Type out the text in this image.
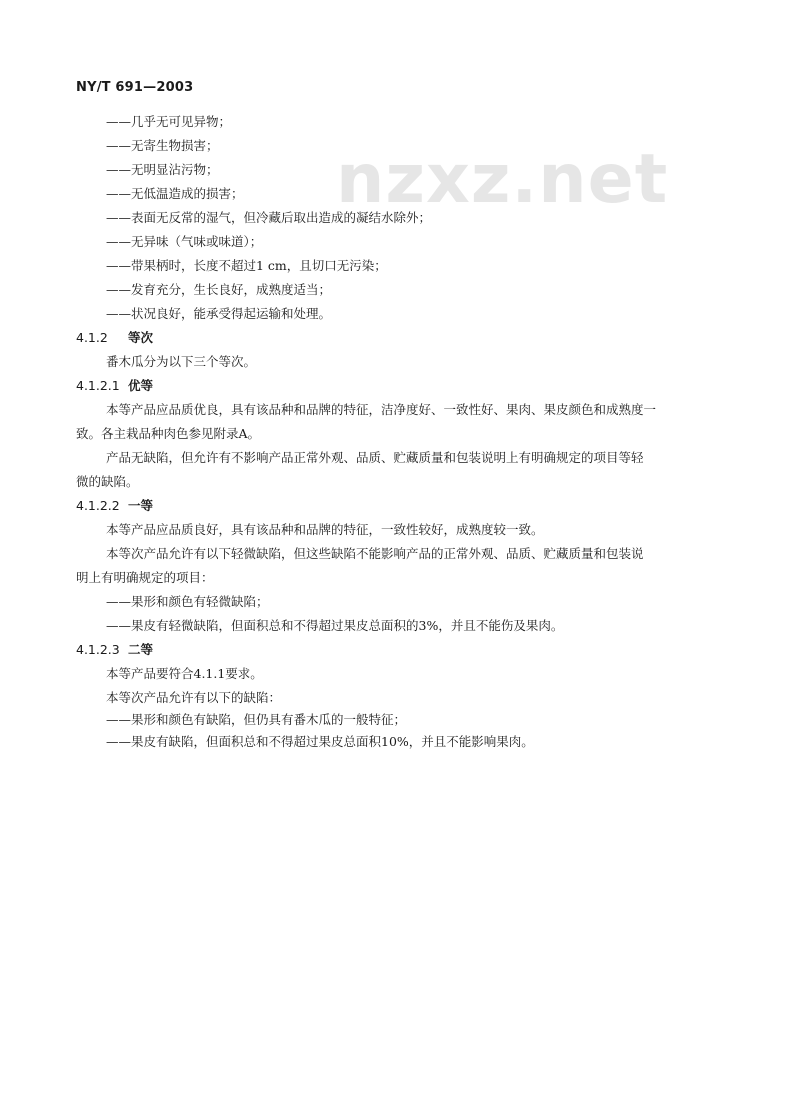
NY/T 691—2003
nzxz.net
——几乎无可见异物；
——无寄生物损害；
——无明显沾污物；
——无低温造成的损害；
——表面无反常的湿气，但冷藏后取出造成的凝结水除外；
——无异味（气味或味道）；
——带果柄时，长度不超过1 cm，且切口无污染；
——发育充分，生长良好，成熟度适当；
——状况良好，能承受得起运输和处理。
4.1.2 等次
番木瓜分为以下三个等次。
4.1.2.1 优等
本等产品应品质优良，具有该品种和品牌的特征，洁净度好、一致性好、果肉、果皮颜色和成熟度一
致。各主栽品种肉色参见附录A。
产品无缺陷，但允许有不影响产品正常外观、品质、贮藏质量和包装说明上有明确规定的项目等轻
微的缺陷。
4.1.2.2 一等
本等产品应品质良好，具有该品种和品牌的特征，一致性较好，成熟度较一致。
本等次产品允许有以下轻微缺陷，但这些缺陷不能影响产品的正常外观、品质、贮藏质量和包装说
明上有明确规定的项目：
——果形和颜色有轻微缺陷；
——果皮有轻微缺陷，但面积总和不得超过果皮总面积的3%，并且不能伤及果肉。
4.1.2.3 二等
本等产品要符合4.1.1要求。
本等次产品允许有以下的缺陷：
——果形和颜色有缺陷，但仍具有番木瓜的一般特征；
——果皮有缺陷，但面积总和不得超过果皮总面积10%，并且不能影响果肉。
